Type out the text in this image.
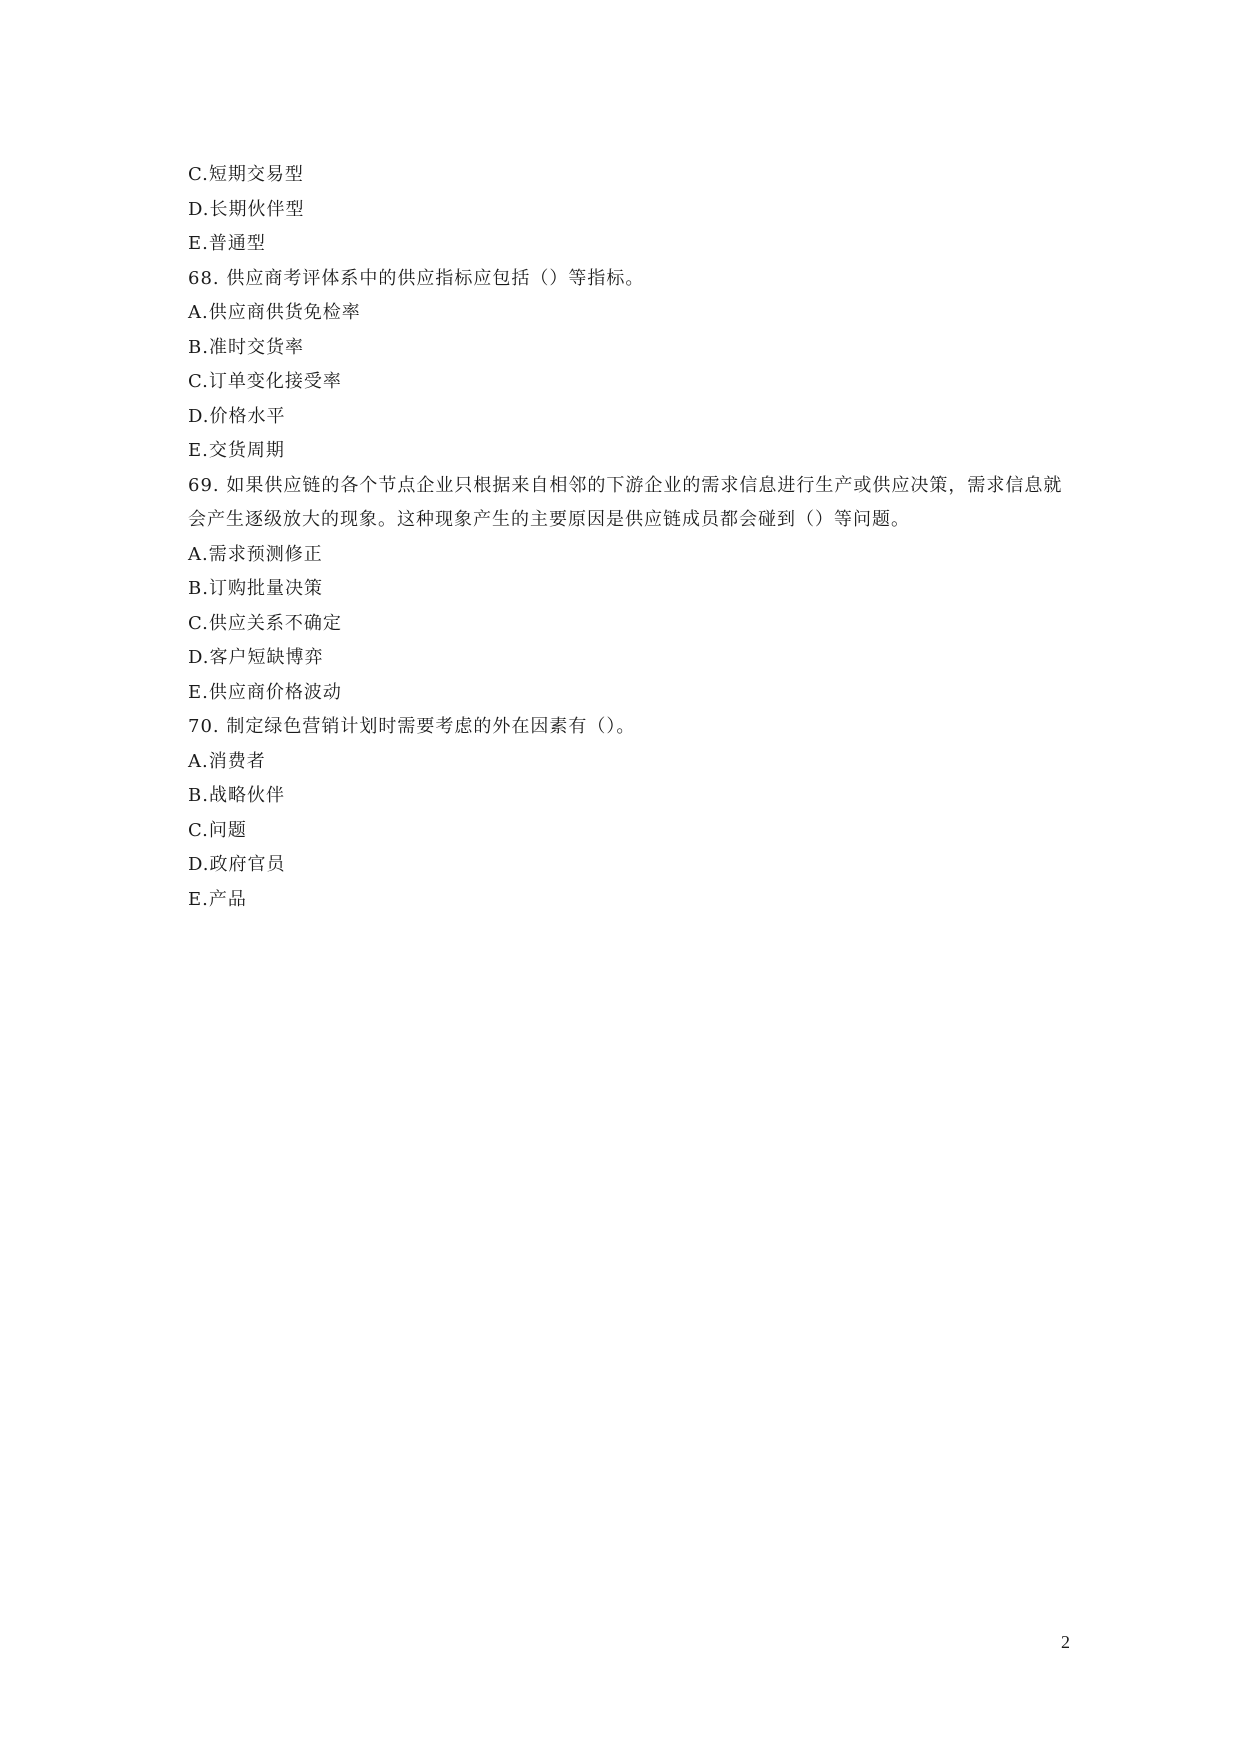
C.短期交易型
D.长期伙伴型
E.普通型
68. 供应商考评体系中的供应指标应包括（）等指标。
A.供应商供货免检率
B.准时交货率
C.订单变化接受率
D.价格水平
E.交货周期
69. 如果供应链的各个节点企业只根据来自相邻的下游企业的需求信息进行生产或供应决策，需求信息就
会产生逐级放大的现象。这种现象产生的主要原因是供应链成员都会碰到（）等问题。
A.需求预测修正
B.订购批量决策
C.供应关系不确定
D.客户短缺博弈
E.供应商价格波动
70. 制定绿色营销计划时需要考虑的外在因素有（）。
A.消费者
B.战略伙伴
C.问题
D.政府官员
E.产品
2
